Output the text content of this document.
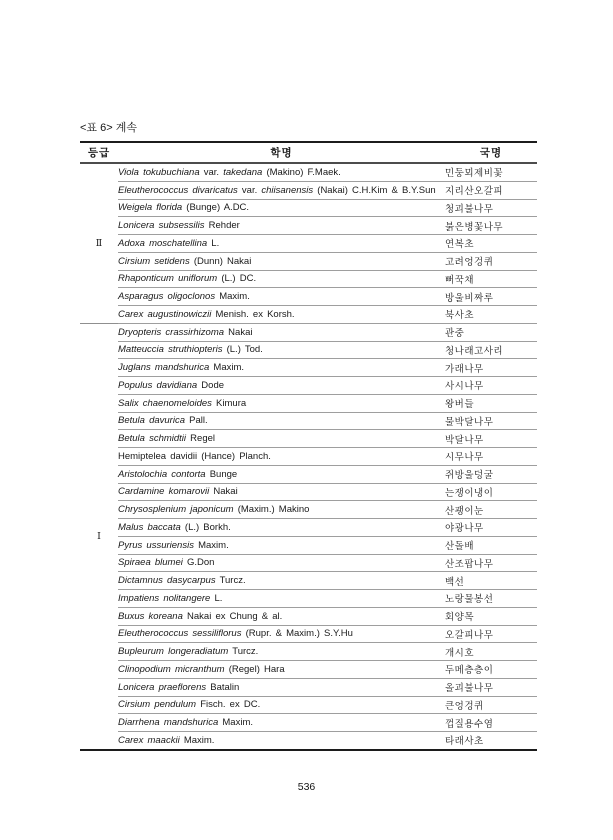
<표 6> 계속
등급	학명	국명
Ⅱ	Viola tokubuchiana var. takedana (Makino) F.Maek.	민둥뫼제비꽃
	Eleutherococcus divaricatus var. chiisanensis (Nakai) C.H.Kim & B.Y.Sun	지리산오갈피
	Weigela florida (Bunge) A.DC.	청괴불나무
	Lonicera subsessilis Rehder	붉은병꽃나무
	Adoxa moschatellina L.	연복초
	Cirsium setidens (Dunn) Nakai	고려엉겅퀴
	Rhaponticum uniflorum (L.) DC.	뻐꾹채
	Asparagus oligoclonos Maxim.	방울비짜루
	Carex augustinowiczii Menish. ex Korsh.	북사초
Ⅰ	Dryopteris crassirhizoma Nakai	관중
	Matteuccia struthiopteris (L.) Tod.	청나래고사리
	Juglans mandshurica Maxim.	가래나무
	Populus davidiana Dode	사시나무
	Salix chaenomeloides Kimura	왕버들
	Betula davurica Pall.	물박달나무
	Betula schmidtii Regel	박달나무
	Hemiptelea davidii (Hance) Planch.	시무나무
	Aristolochia contorta Bunge	쥐방울덩굴
	Cardamine komarovii Nakai	는쟁이냉이
	Chrysosplenium japonicum (Maxim.) Makino	산괭이눈
	Malus baccata (L.) Borkh.	야광나무
	Pyrus ussuriensis Maxim.	산돌배
	Spiraea blumei G.Don	산조팝나무
	Dictamnus dasycarpus Turcz.	백선
	Impatiens nolitangere L.	노랑물봉선
	Buxus koreana Nakai ex Chung & al.	회양목
	Eleutherococcus sessiliflorus (Rupr. & Maxim.) S.Y.Hu	오갈피나무
	Bupleurum longeradiatum Turcz.	개시호
	Clinopodium micranthum (Regel) Hara	두메층층이
	Lonicera praeflorens Batalin	올괴불나무
	Cirsium pendulum Fisch. ex DC.	큰엉겅퀴
	Diarrhena mandshurica Maxim.	껍질용수염
	Carex maackii Maxim.	타래사초
536
